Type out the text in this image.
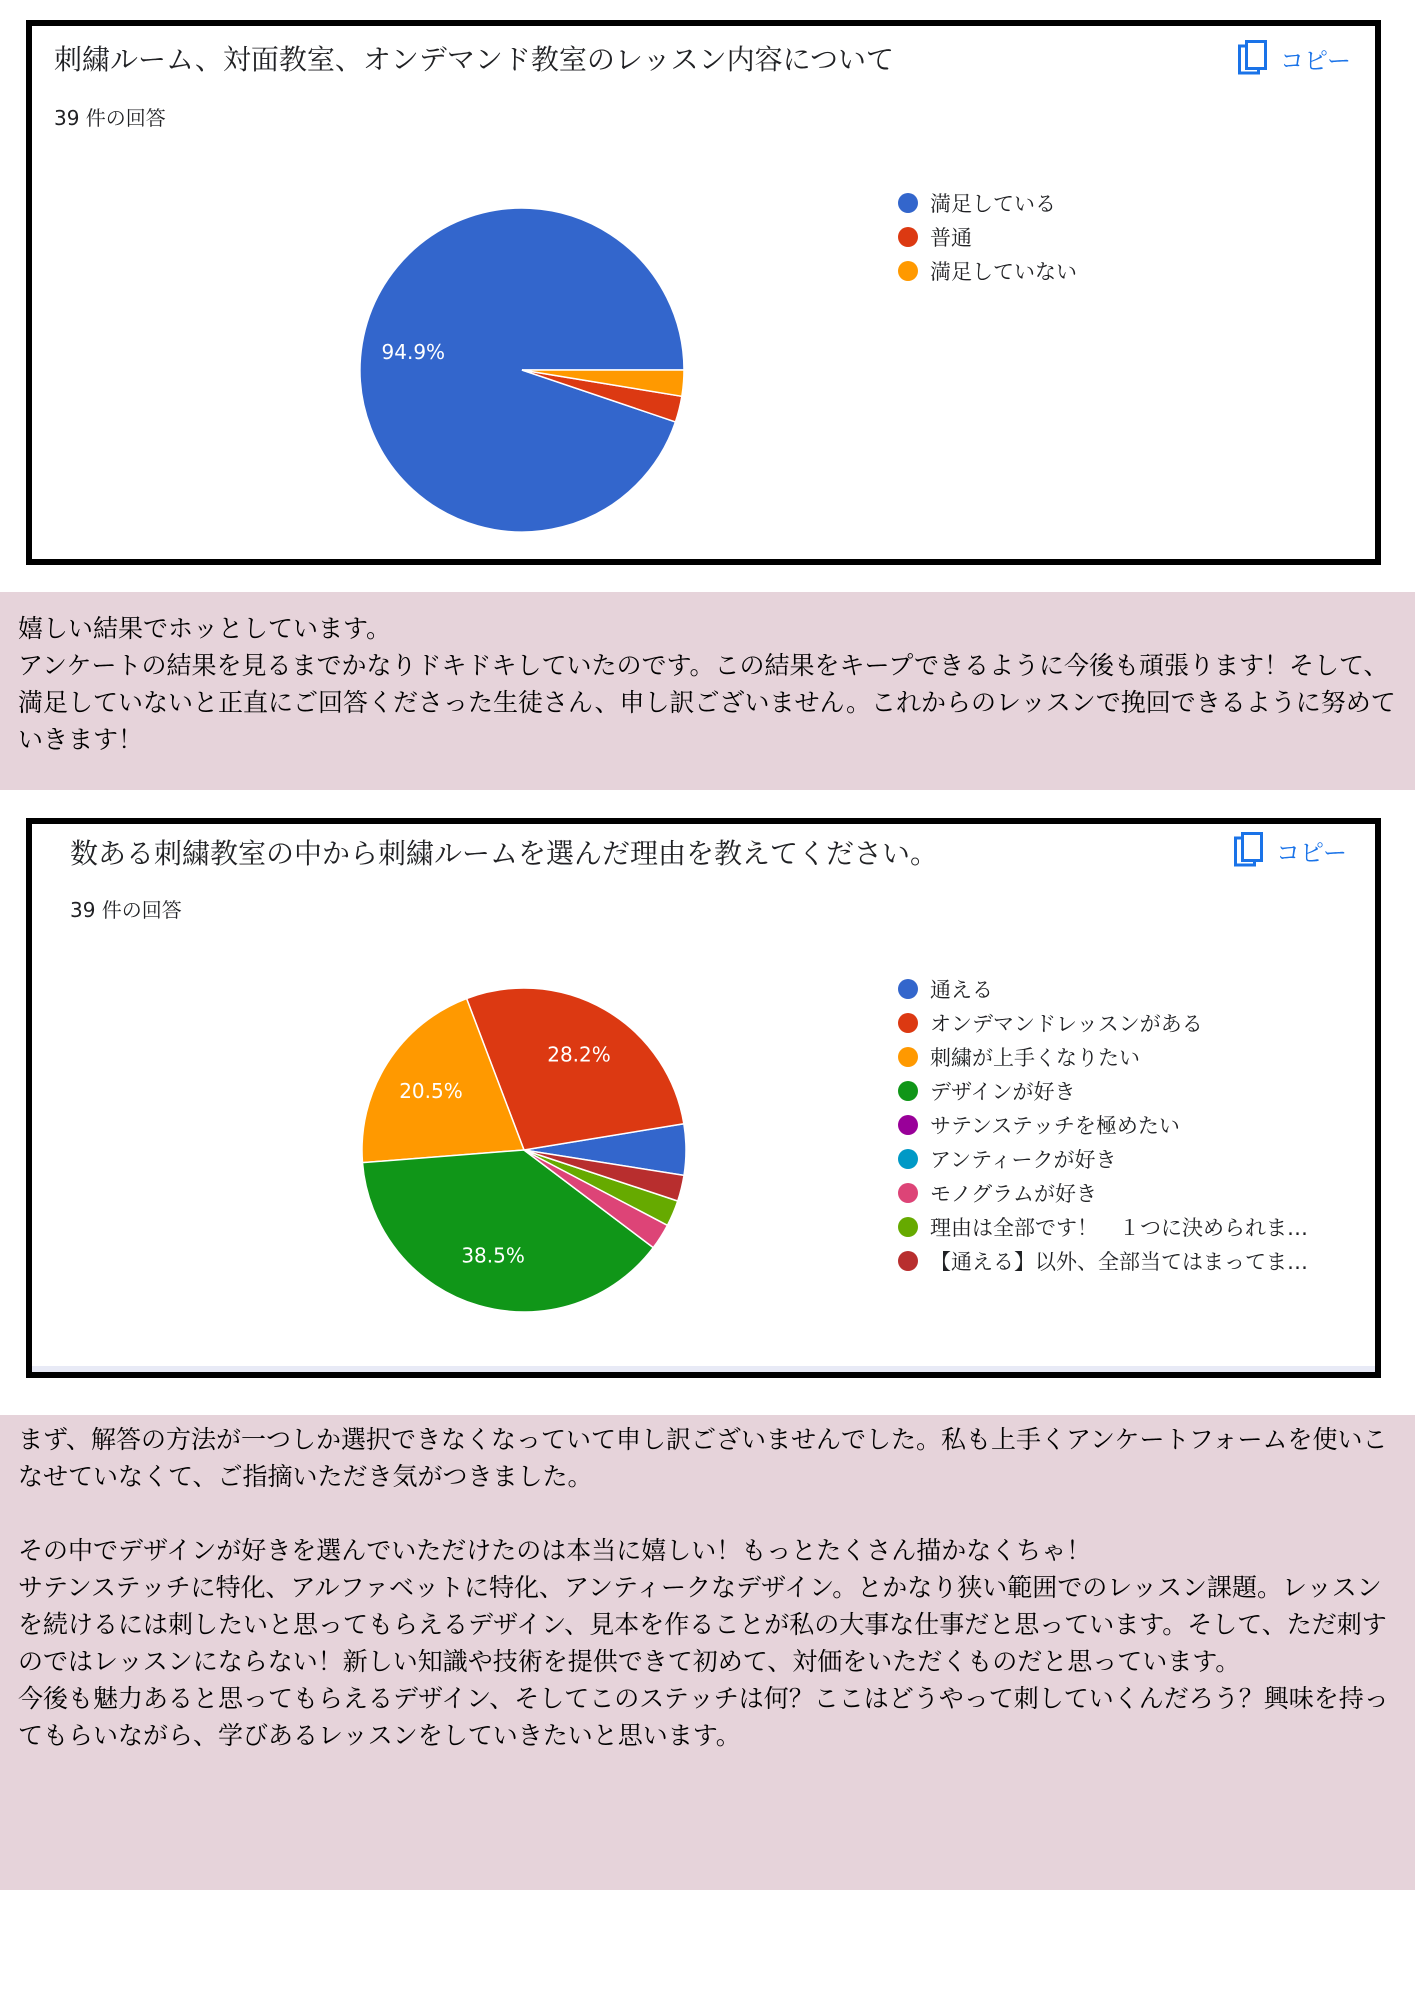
刺繍ルーム、対面教室、オンデマンド教室のレッスン内容について
39 件の回答
コピー
94.9%
満足している
普通
満足していない

嬉しい結果でホッとしています。

アンケートの結果を見るまでかなりドキドキしていたのです。この結果をキープできるように今後も頑張ります！そして、満足していないと正直にご回答くださった生徒さん、申し訳ございません。これからのレッスンで挽回できるように努めていきます！

数ある刺繍教室の中から刺繍ルームを選んだ理由を教えてください。
39 件の回答
コピー
28.2%
20.5%
38.5%
通える
オンデマンドレッスンがある
刺繍が上手くなりたい
デザインが好き
サテンステッチを極めたい
アンティークが好き
モノグラムが好き
理由は全部です！　１つに決められま…
【通える】以外、全部当てはまってま…

まず、解答の方法が一つしか選択できなくなっていて申し訳ございませんでした。私も上手くアンケートフォームを使いこなせていなくて、ご指摘いただき気がつきました。

その中でデザインが好きを選んでいただけたのは本当に嬉しい！もっとたくさん描かなくちゃ！

サテンステッチに特化、アルファベットに特化、アンティークなデザイン。とかなり狭い範囲でのレッスン課題。レッスンを続けるには刺したいと思ってもらえるデザイン、見本を作ることが私の大事な仕事だと思っています。そして、ただ刺すのではレッスンにならない！新しい知識や技術を提供できて初めて、対価をいただくものだと思っています。

今後も魅力あると思ってもらえるデザイン、そしてこのステッチは何？ここはどうやって刺していくんだろう？興味を持ってもらいながら、学びあるレッスンをしていきたいと思います。
